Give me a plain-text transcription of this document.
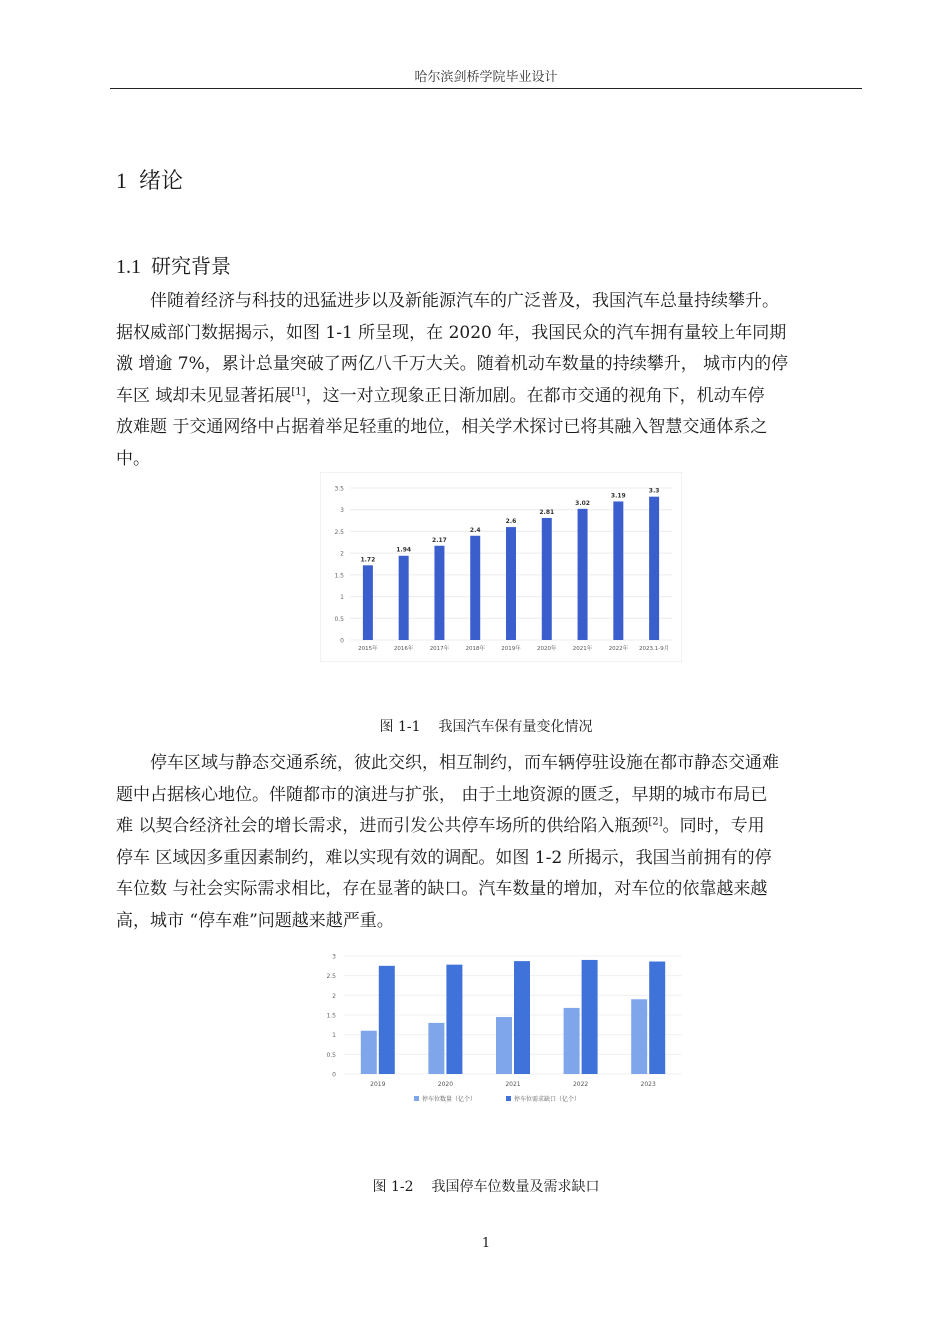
哈尔滨剑桥学院毕业设计
1 绪论
1.1 研究背景

伴随着经济与科技的迅猛进步以及新能源汽车的广泛普及，我国汽车总量持续攀升。
据权威部门数据揭示，如图 1-1 所呈现，在 2020 年，我国民众的汽车拥有量较上年同期
激 增逾 7%，累计总量突破了两亿八千万大关。随着机动车数量的持续攀升， 城市内的停
车区 域却未见显著拓展[1]，这一对立现象正日渐加剧。在都市交通的视角下，机动车停
放难题 于交通网络中占据着举足轻重的地位，相关学术探讨已将其融入智慧交通体系之
中。

0
0.5
1
1.5
2
2.5
3
3.5
1.72
2015年
1.94
2016年
2.17
2017年
2.4
2018年
2.6
2019年
2.81
2020年
3.02
2021年
3.19
2022年
3.3
2023.1-9月
图 1-1 我国汽车保有量变化情况

停车区域与静态交通系统，彼此交织，相互制约，而车辆停驻设施在都市静态交通难
题中占据核心地位。伴随都市的演进与扩张， 由于土地资源的匮乏，早期的城市布局已
难 以契合经济社会的增长需求，进而引发公共停车场所的供给陷入瓶颈[2]。同时，专用
停车 区域因多重因素制约，难以实现有效的调配。如图 1-2 所揭示，我国当前拥有的停
车位数 与社会实际需求相比，存在显著的缺口。汽车数量的增加，对车位的依靠越来越
高，城市 “停车难”问题越来越严重。

0
0.5
1
1.5
2
2.5
3
2019	2020	2021	2022	2023
停车位数量（亿个）	停车位需求缺口（亿个）
图 1-2 我国停车位数量及需求缺口
1
